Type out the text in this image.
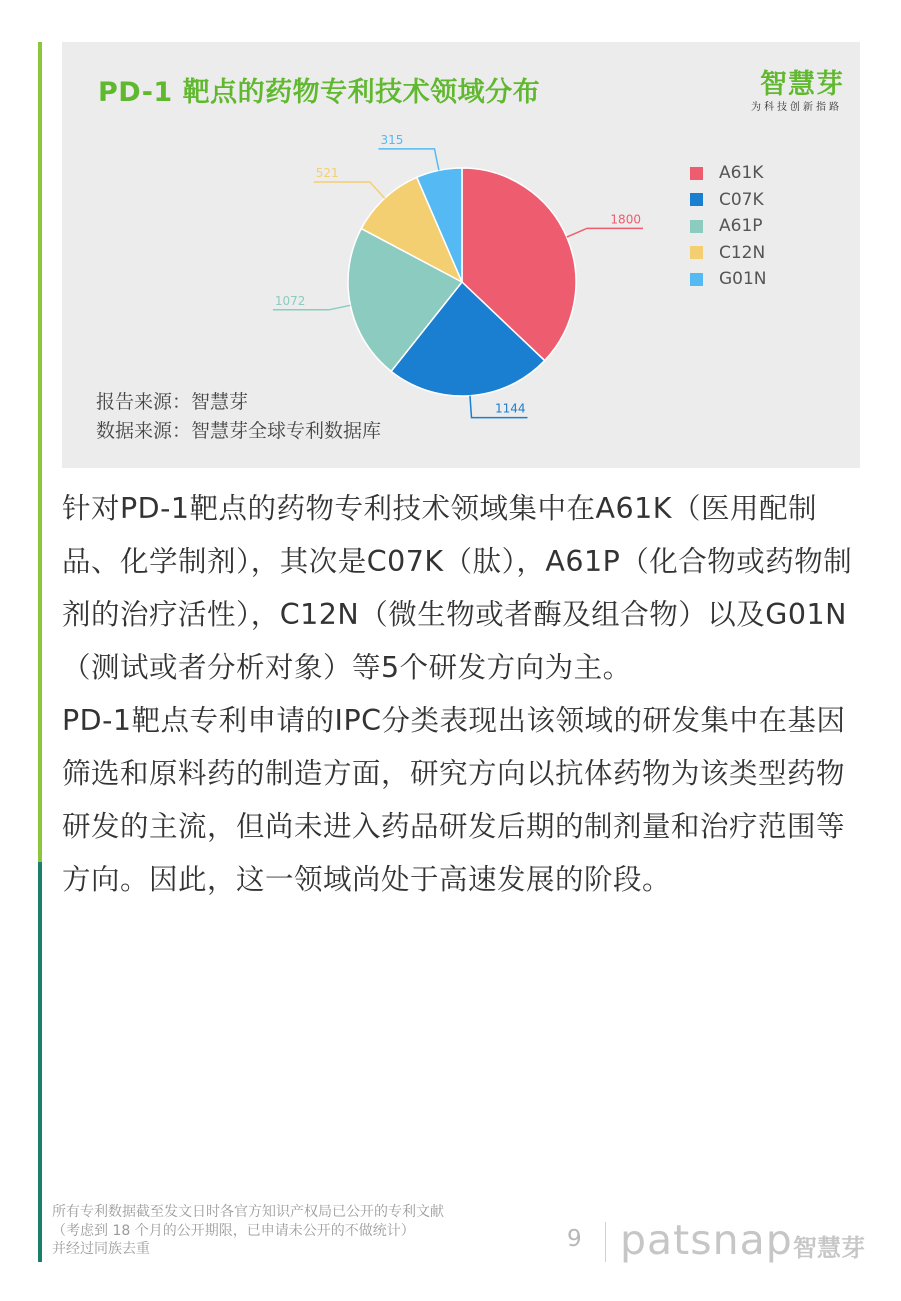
PD-1 靶点的药物专利技术领域分布	智慧芽
为科技创新指路
1800
1144
1072
521
315
A61K
C07K
A61P
C12N
G01N
报告来源：智慧芽
数据来源：智慧芽全球专利数据库

针对PD-1靶点的药物专利技术领域集中在A61K（医用配制品、化学制剂），其次是C07K（肽），A61P（化合物或药物制剂的治疗活性），C12N（微生物或者酶及组合物）以及G01N（测试或者分析对象）等5个研发方向为主。

PD-1靶点专利申请的IPC分类表现出该领域的研发集中在基因筛选和原料药的制造方面，研究方向以抗体药物为该类型药物研发的主流，但尚未进入药品研发后期的制剂量和治疗范围等方向。因此，这一领域尚处于高速发展的阶段。

所有专利数据截至发文日时各官方知识产权局已公开的专利文献
（考虑到 18 个月的公开期限，已申请未公开的不做统计）
并经过同族去重	9 patsnap 智慧芽
